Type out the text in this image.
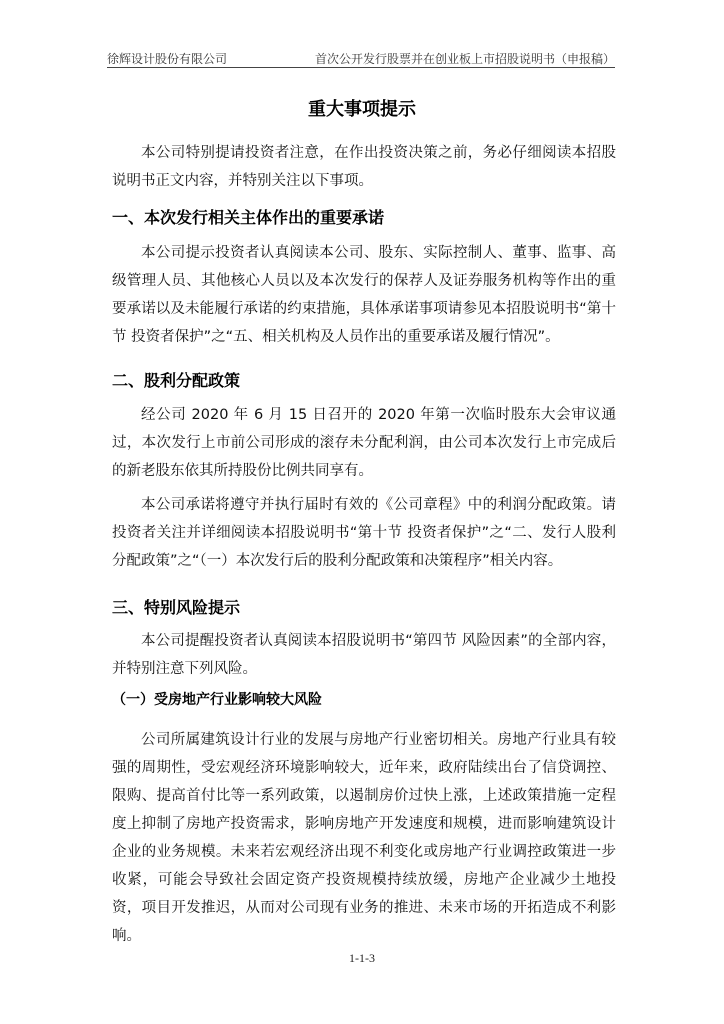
徐辉设计股份有限公司	首次公开发行股票并在创业板上市招股说明书（申报稿）
重大事项提示
本公司特别提请投资者注意，在作出投资决策之前，务必仔细阅读本招股说明书正文内容，并特别关注以下事项。
一、本次发行相关主体作出的重要承诺
本公司提示投资者认真阅读本公司、股东、实际控制人、董事、监事、高级管理人员、其他核心人员以及本次发行的保荐人及证券服务机构等作出的重要承诺以及未能履行承诺的约束措施，具体承诺事项请参见本招股说明书“第十节 投资者保护”之“五、相关机构及人员作出的重要承诺及履行情况”。
二、股利分配政策
经公司 2020 年 6 月 15 日召开的 2020 年第一次临时股东大会审议通过，本次发行上市前公司形成的滚存未分配利润，由公司本次发行上市完成后的新老股东依其所持股份比例共同享有。
本公司承诺将遵守并执行届时有效的《公司章程》中的利润分配政策。请投资者关注并详细阅读本招股说明书“第十节 投资者保护”之“二、发行人股利分配政策”之“（一）本次发行后的股利分配政策和决策程序”相关内容。
三、特别风险提示
本公司提醒投资者认真阅读本招股说明书“第四节 风险因素”的全部内容，并特别注意下列风险。
（一）受房地产行业影响较大风险
公司所属建筑设计行业的发展与房地产行业密切相关。房地产行业具有较强的周期性，受宏观经济环境影响较大，近年来，政府陆续出台了信贷调控、限购、提高首付比等一系列政策，以遏制房价过快上涨，上述政策措施一定程度上抑制了房地产投资需求，影响房地产开发速度和规模，进而影响建筑设计企业的业务规模。未来若宏观经济出现不利变化或房地产行业调控政策进一步收紧，可能会导致社会固定资产投资规模持续放缓，房地产企业减少土地投资，项目开发推迟，从而对公司现有业务的推进、未来市场的开拓造成不利影响。
1-1-3
